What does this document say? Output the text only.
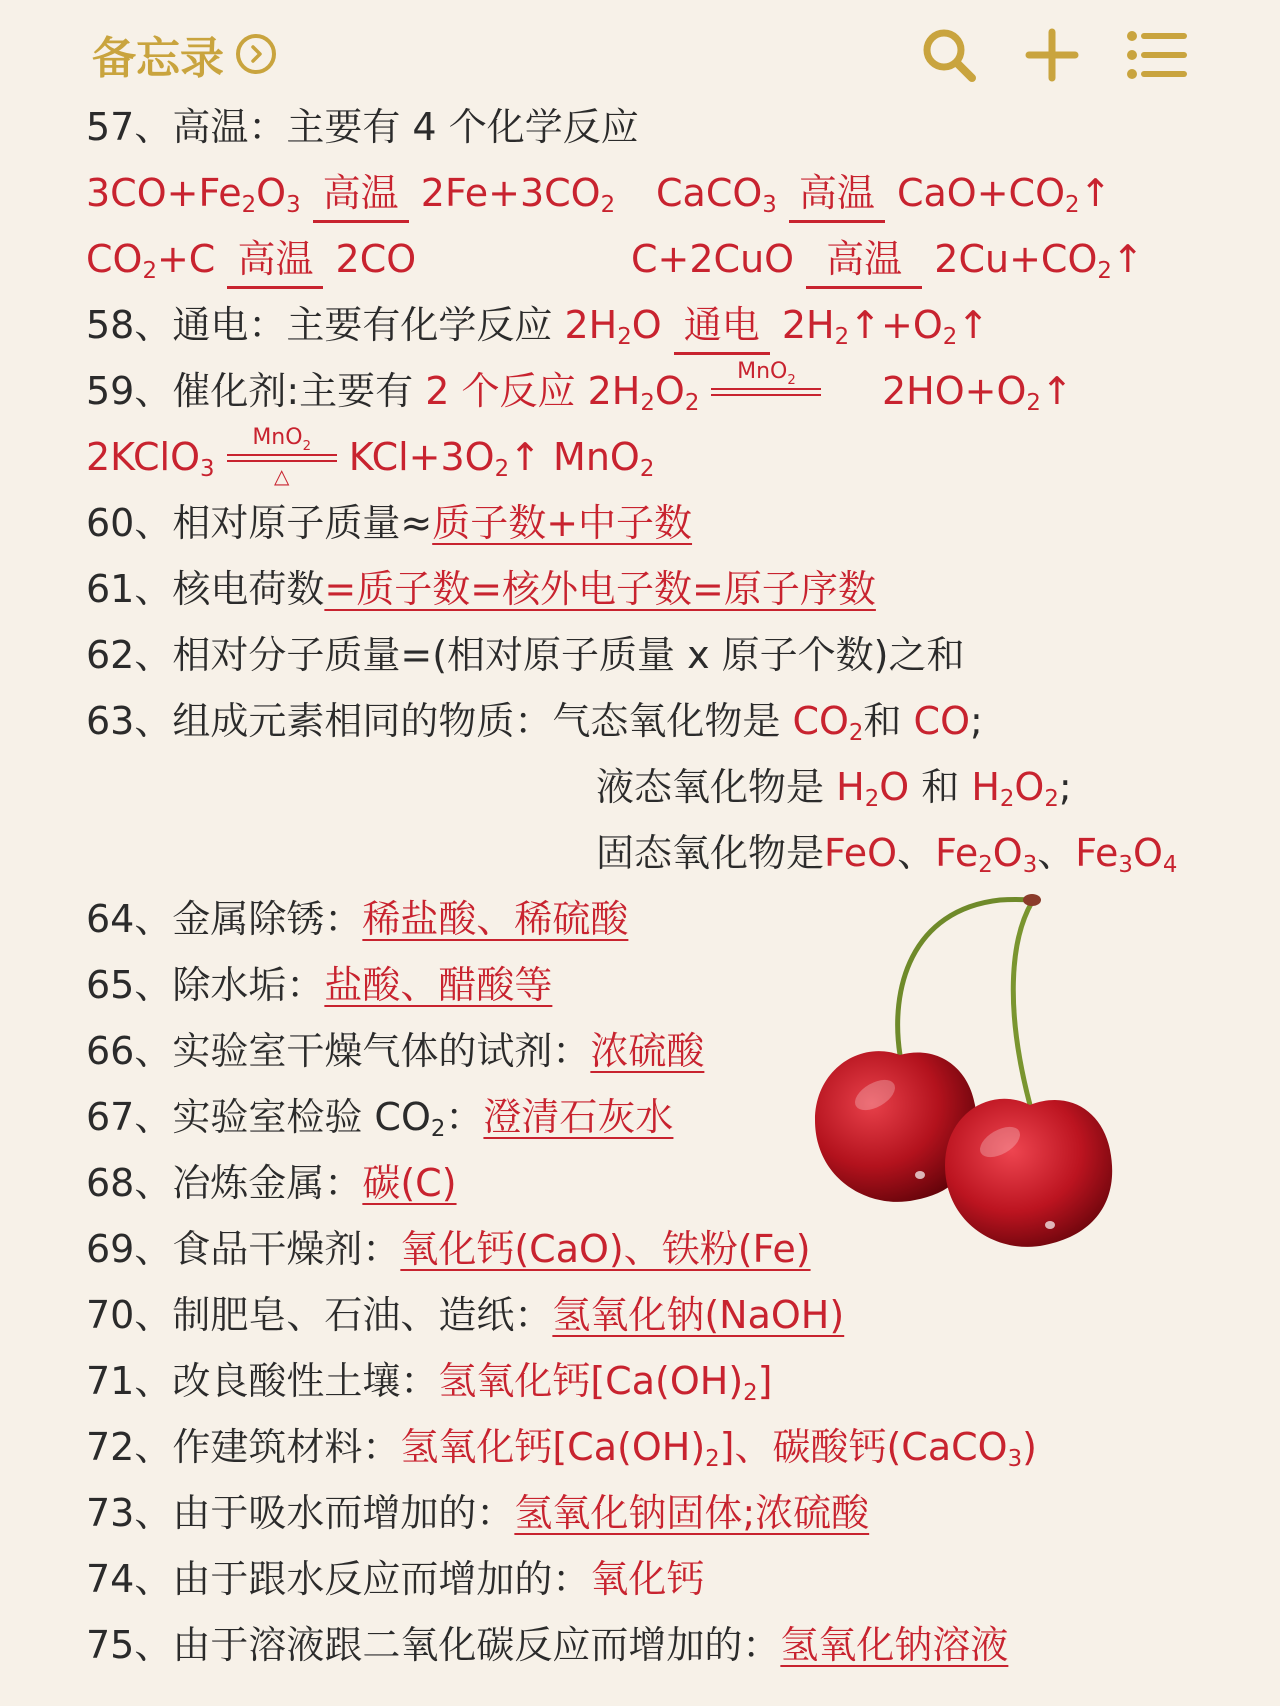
备忘录
57、高温：主要有 4 个化学反应
$3CO+Fe_2O_3$ 高温 $2Fe+3CO_2$ CaCO$_3$ 高温 $CaO+CO_2↑$
$CO_2+C$ 高温 2CO	C+2CuO 高温 $2Cu+CO_2↑$
58、通电：主要有化学反应 $2H_2O$ 通电 $2H_2↑+O_2↑$
59、催化剂:主要有 2 个反应 $2H_2O_2$
MnO$_2$	$2HO+O_2↑$
2KClO$_3$
MnO$_2$
△	$KCl+3O_2↑$ MnO$_2$
60、相对原子质量≈质子数+中子数
61、核电荷数=质子数=核外电子数=原子序数
62、相对分子质量=(相对原子质量 x 原子个数)之和
63、组成元素相同的物质：气态氧化物是 $CO_2$和 CO;
液态氧化物是 $H_2O$ 和 $H_2O_2$;
固态氧化物是FeO、$Fe_2O_3$、$Fe_3O_4$
64、金属除锈：稀盐酸、稀硫酸
65、除水垢：盐酸、醋酸等
66、实验室干燥气体的试剂：浓硫酸
67、实验室检验 $CO_2$：澄清石灰水
68、冶炼金属：碳(C)
69、食品干燥剂：氧化钙(CaO)、铁粉(Fe)
70、制肥皂、石油、造纸：氢氧化钠(NaOH)
71、改良酸性土壤：氢氧化钙$[Ca(OH)_2]$
72、作建筑材料：氢氧化钙$[Ca(OH)_2]$、碳酸钙(CaCO$_3$)
73、由于吸水而增加的：氢氧化钠固体;浓硫酸
74、由于跟水反应而增加的：氧化钙
75、由于溶液跟二氧化碳反应而增加的：氢氧化钠溶液
